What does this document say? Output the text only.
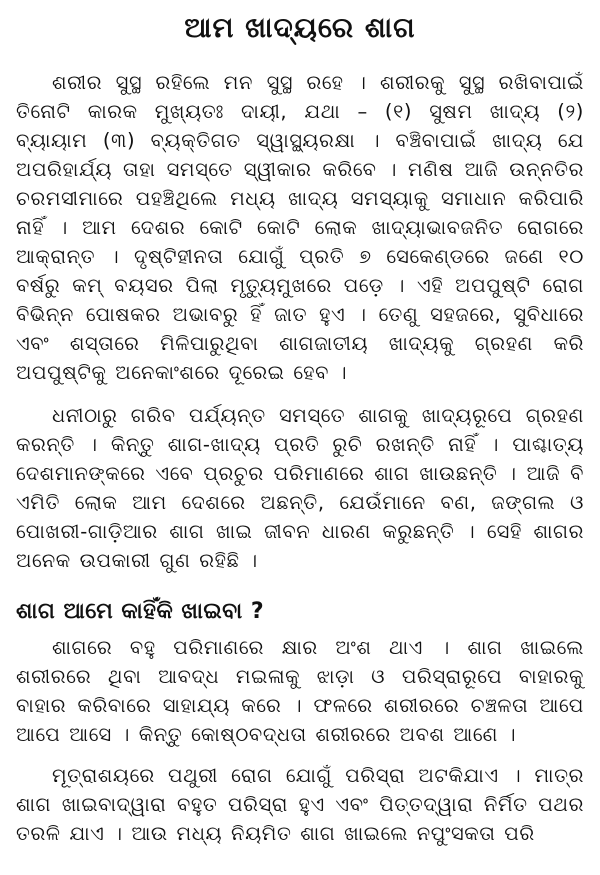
ଆମ ଖାଦ୍ୟରେ ଶାଗ

ଶରୀର ସୁସ୍ଥ ରହିଲେ ମନ ସୁସ୍ଥ ରହେ । ଶରୀରକୁ ସୁସ୍ଥ ରଖିବାପାଇଁ ତିନୋଟି କାରକ ମୁଖ୍ୟତଃ ଦାୟୀ, ଯଥା – (୧) ସୁଷମ ଖାଦ୍ୟ (୨) ବ୍ୟାୟାମ (୩) ବ୍ୟକ୍ତିଗତ ସ୍ୱାସ୍ଥ୍ୟରକ୍ଷା । ବଞ୍ଚିବାପାଇଁ ଖାଦ୍ୟ ଯେ ଅପରିହାର୍ଯ୍ୟ ତାହା ସମସ୍ତେ ସ୍ୱୀକାର କରିବେ । ମଣିଷ ଆଜି ଉନ୍ନତିର ଚରମସୀମାରେ ପହଞ୍ଚିଥିଲେ ମଧ୍ୟ ଖାଦ୍ୟ ସମସ୍ୟାକୁ ସମାଧାନ କରିପାରି ନାହିଁ । ଆମ ଦେଶର କୋଟି କୋଟି ଲୋକ ଖାଦ୍ୟାଭାବଜନିତ ରୋଗରେ ଆକ୍ରାନ୍ତ । ଦୃଷ୍ଟିହୀନତା ଯୋଗୁଁ ପ୍ରତି ୭ ସେକେଣ୍ଡରେ ଜଣେ ୧୦ ବର୍ଷରୁ କମ୍ ବୟସର ପିଲା ମୃତ୍ୟୁମୁଖରେ ପଡ଼େ । ଏହି ଅପପୁଷ୍ଟି ରୋଗ ବିଭିନ୍ନ ପୋଷକର ଅଭାବରୁ ହିଁ ଜାତ ହୁଏ । ତେଣୁ ସହଜରେ, ସୁବିଧାରେ ଏବଂ ଶସ୍ତାରେ ମିଳିପାରୁଥିବା ଶାଗଜାତୀୟ ଖାଦ୍ୟକୁ ଗ୍ରହଣ କରି ଅପପୁଷ୍ଟିକୁ ଅନେକାଂଶରେ ଦୂରେଇ ହେବ ।

ଧନୀଠାରୁ ଗରିବ ପର୍ଯ୍ୟନ୍ତ ସମସ୍ତେ ଶାଗକୁ ଖାଦ୍ୟରୂପେ ଗ୍ରହଣ କରନ୍ତି । କିନ୍ତୁ ଶାଗ-ଖାଦ୍ୟ ପ୍ରତି ରୁଚି ରଖନ୍ତି ନାହିଁ । ପାଶ୍ଚାତ୍ୟ ଦେଶମାନଙ୍କରେ ଏବେ ପ୍ରଚୁର ପରିମାଣରେ ଶାଗ ଖାଉଛନ୍ତି । ଆଜି ବି ଏମିତି ଲୋକ ଆମ ଦେଶରେ ଅଛନ୍ତି, ଯେଉଁମାନେ ବଣ, ଜଙ୍ଗଲ ଓ ପୋଖରୀ-ଗାଡ଼ିଆର ଶାଗ ଖାଇ ଜୀବନ ଧାରଣ କରୁଛନ୍ତି । ସେହି ଶାଗର ଅନେକ ଉପକାରୀ ଗୁଣ ରହିଛି ।

ଶାଗ ଆମେ କାହିଁକି ଖାଇବା ?

ଶାଗରେ ବହୁ ପରିମାଣରେ କ୍ଷାର ଅଂଶ ଥାଏ । ଶାଗ ଖାଇଲେ ଶରୀରରେ ଥିବା ଆବଦ୍ଧ ମଇଳାକୁ ଝାଡ଼ା ଓ ପରିସ୍ରାରୂପେ ବାହାରକୁ ବାହାର କରିବାରେ ସାହାଯ୍ୟ କରେ । ଫଳରେ ଶରୀରରେ ଚଞ୍ଚଳତା ଆପେ ଆପେ ଆସେ । କିନ୍ତୁ କୋଷ୍ଠବଦ୍ଧତା ଶରୀରରେ ଅବଶ ଆଣେ ।

ମୂତ୍ରାଶୟରେ ପଥୁରୀ ରୋଗ ଯୋଗୁଁ ପରିସ୍ରା ଅଟକିଯାଏ । ମାତ୍ର ଶାଗ ଖାଇବାଦ୍ୱାରା ବହୁତ ପରିସ୍ରା ହୁଏ ଏବଂ ପିତ୍ତଦ୍ୱାରା ନିର୍ମିତ ପଥର ତରଳି ଯାଏ । ଆଉ ମଧ୍ୟ ନିୟମିତ ଶାଗ ଖାଇଲେ ନପୁଂସକତା ପରି
